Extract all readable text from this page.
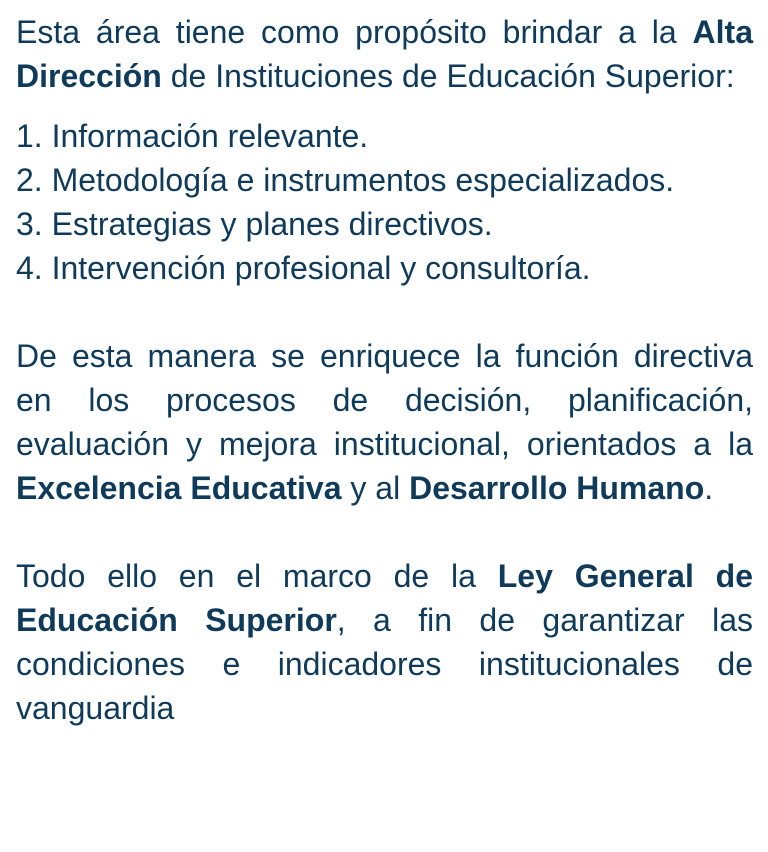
Esta área tiene como propósito brindar a la Alta Dirección de Instituciones de Educación Superior:

1. Información relevante.
2. Metodología e instrumentos especializados.
3. Estrategias y planes directivos.
4. Intervención profesional y consultoría.

De esta manera se enriquece la función directiva en los procesos de decisión, planificación, evaluación y mejora institucional, orientados a la Excelencia Educativa y al Desarrollo Humano.

Todo ello en el marco de la Ley General de Educación Superior, a fin de garantizar las condiciones e indicadores institucionales de vanguardia
